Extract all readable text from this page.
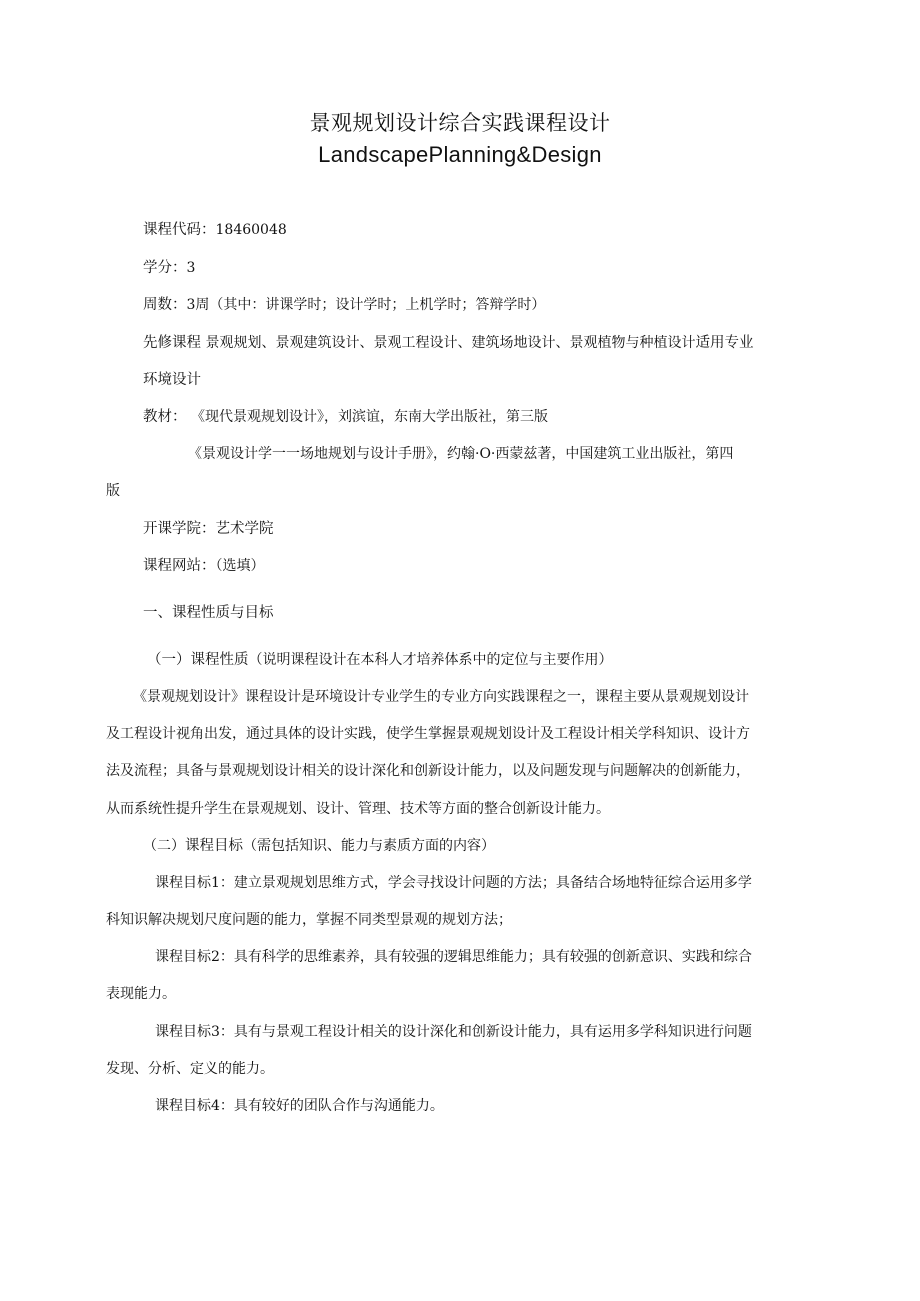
景观规划设计综合实践课程设计
LandscapePlanning&Design
课程代码：18460048
学分：3
周数：3周（其中：讲课学时；设计学时；上机学时；答辩学时）
先修课程 景观规划、景观建筑设计、景观工程设计、建筑场地设计、景观植物与种植设计适用专业
环境设计
教材： 《现代景观规划设计》，刘滨谊，东南大学出版社，第三版
《景观设计学一一场地规划与设计手册》，约翰·O·西蒙兹著，中国建筑工业出版社，第四
版
开课学院：艺术学院
课程网站：（选填）
一、课程性质与目标
（一）课程性质（说明课程设计在本科人才培养体系中的定位与主要作用）
《景观规划设计》课程设计是环境设计专业学生的专业方向实践课程之一，课程主要从景观规划设计
及工程设计视角出发，通过具体的设计实践，使学生掌握景观规划设计及工程设计相关学科知识、设计方
法及流程；具备与景观规划设计相关的设计深化和创新设计能力，以及问题发现与问题解决的创新能力，
从而系统性提升学生在景观规划、设计、管理、技术等方面的整合创新设计能力。
（二）课程目标（需包括知识、能力与素质方面的内容）
课程目标1：建立景观规划思维方式，学会寻找设计问题的方法；具备结合场地特征综合运用多学
科知识解决规划尺度问题的能力，掌握不同类型景观的规划方法；
课程目标2：具有科学的思维素养，具有较强的逻辑思维能力；具有较强的创新意识、实践和综合
表现能力。
课程目标3：具有与景观工程设计相关的设计深化和创新设计能力，具有运用多学科知识进行问题
发现、分析、定义的能力。
课程目标4：具有较好的团队合作与沟通能力。
